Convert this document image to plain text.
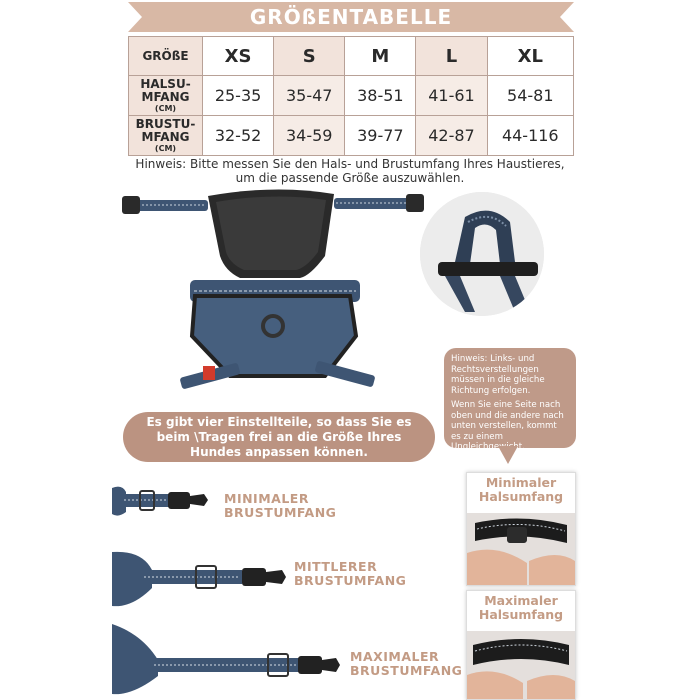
GRÖßENTABELLE
GRÖßE	XS	S	M	L	XL
HALSU-
MFANG
(CM)	25-35	35-47	38-51	41-61	54-81
BRUSTU-
MFANG
(CM)	32-52	34-59	39-77	42-87	44-116
Hinweis: Bitte messen Sie den Hals- und Brustumfang Ihres Haustieres,
um die passende Größe auszuwählen.

Hinweis: Links- und Rechtsverstellungen müssen in die gleiche Richtung erfolgen.

Wenn Sie eine Seite nach oben und die andere nach unten verstellen, kommt es zu einem Ungleichgewicht.

Es gibt vier Einstellteile, so dass Sie es
beim \Tragen frei an die Größe Ihres
Hundes anpassen können.
MINIMALER
BRUSTUMFANG
MITTLERER
BRUSTUMFANG
MAXIMALER
BRUSTUMFANG
Minimaler
Halsumfang
Maximaler
Halsumfang
